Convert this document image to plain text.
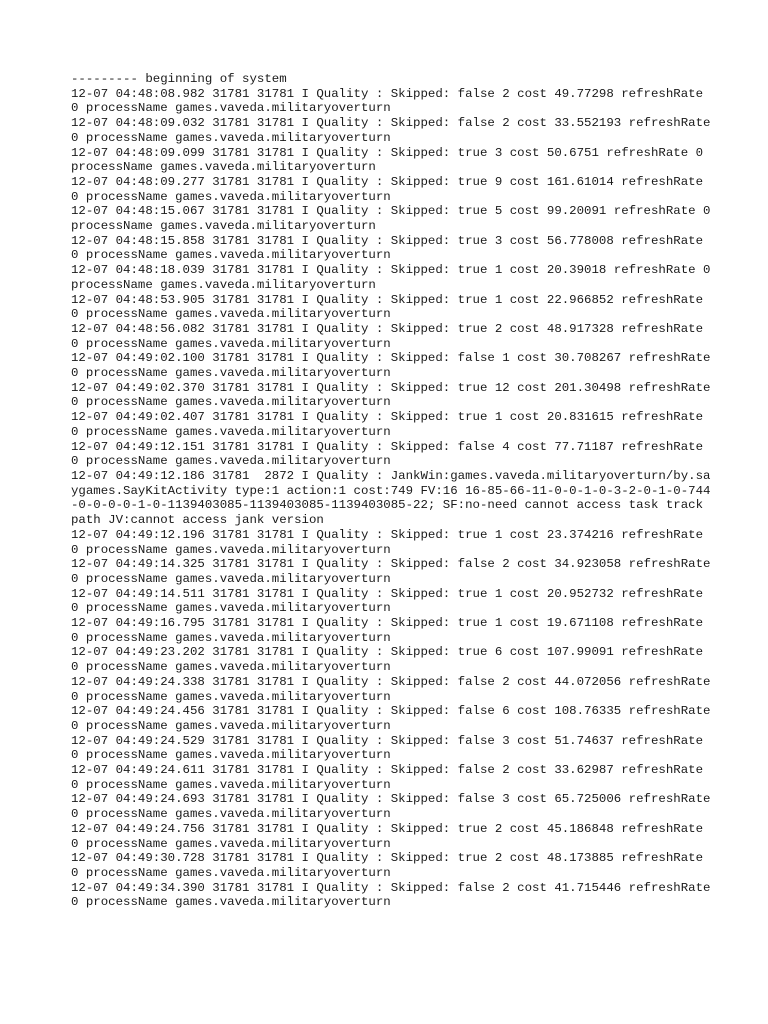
--------- beginning of system
12-07 04:48:08.982 31781 31781 I Quality : Skipped: false 2 cost 49.77298 refreshRate 0 processName games.vaveda.militaryoverturn
12-07 04:48:09.032 31781 31781 I Quality : Skipped: false 2 cost 33.552193 refreshRate 0 processName games.vaveda.militaryoverturn
12-07 04:48:09.099 31781 31781 I Quality : Skipped: true 3 cost 50.6751 refreshRate 0 processName games.vaveda.militaryoverturn
12-07 04:48:09.277 31781 31781 I Quality : Skipped: true 9 cost 161.61014 refreshRate 0 processName games.vaveda.militaryoverturn
12-07 04:48:15.067 31781 31781 I Quality : Skipped: true 5 cost 99.20091 refreshRate 0 processName games.vaveda.militaryoverturn
12-07 04:48:15.858 31781 31781 I Quality : Skipped: true 3 cost 56.778008 refreshRate 0 processName games.vaveda.militaryoverturn
12-07 04:48:18.039 31781 31781 I Quality : Skipped: true 1 cost 20.39018 refreshRate 0 processName games.vaveda.militaryoverturn
12-07 04:48:53.905 31781 31781 I Quality : Skipped: true 1 cost 22.966852 refreshRate 0 processName games.vaveda.militaryoverturn
12-07 04:48:56.082 31781 31781 I Quality : Skipped: true 2 cost 48.917328 refreshRate 0 processName games.vaveda.militaryoverturn
12-07 04:49:02.100 31781 31781 I Quality : Skipped: false 1 cost 30.708267 refreshRate 0 processName games.vaveda.militaryoverturn
12-07 04:49:02.370 31781 31781 I Quality : Skipped: true 12 cost 201.30498 refreshRate 0 processName games.vaveda.militaryoverturn
12-07 04:49:02.407 31781 31781 I Quality : Skipped: true 1 cost 20.831615 refreshRate 0 processName games.vaveda.militaryoverturn
12-07 04:49:12.151 31781 31781 I Quality : Skipped: false 4 cost 77.71187 refreshRate 0 processName games.vaveda.militaryoverturn
12-07 04:49:12.186 31781  2872 I Quality : JankWin:games.vaveda.militaryoverturn/by.saygames.SayKitActivity type:1 action:1 cost:749 FV:16 16-85-66-11-0-0-1-0-3-2-0-1-0-744-0-0-0-0-1-0-1139403085-1139403085-1139403085-22; SF:no-need cannot access task track path JV:cannot access jank version
12-07 04:49:12.196 31781 31781 I Quality : Skipped: true 1 cost 23.374216 refreshRate 0 processName games.vaveda.militaryoverturn
12-07 04:49:14.325 31781 31781 I Quality : Skipped: false 2 cost 34.923058 refreshRate 0 processName games.vaveda.militaryoverturn
12-07 04:49:14.511 31781 31781 I Quality : Skipped: true 1 cost 20.952732 refreshRate 0 processName games.vaveda.militaryoverturn
12-07 04:49:16.795 31781 31781 I Quality : Skipped: true 1 cost 19.671108 refreshRate 0 processName games.vaveda.militaryoverturn
12-07 04:49:23.202 31781 31781 I Quality : Skipped: true 6 cost 107.99091 refreshRate 0 processName games.vaveda.militaryoverturn
12-07 04:49:24.338 31781 31781 I Quality : Skipped: false 2 cost 44.072056 refreshRate 0 processName games.vaveda.militaryoverturn
12-07 04:49:24.456 31781 31781 I Quality : Skipped: false 6 cost 108.76335 refreshRate 0 processName games.vaveda.militaryoverturn
12-07 04:49:24.529 31781 31781 I Quality : Skipped: false 3 cost 51.74637 refreshRate 0 processName games.vaveda.militaryoverturn
12-07 04:49:24.611 31781 31781 I Quality : Skipped: false 2 cost 33.62987 refreshRate 0 processName games.vaveda.militaryoverturn
12-07 04:49:24.693 31781 31781 I Quality : Skipped: false 3 cost 65.725006 refreshRate 0 processName games.vaveda.militaryoverturn
12-07 04:49:24.756 31781 31781 I Quality : Skipped: true 2 cost 45.186848 refreshRate 0 processName games.vaveda.militaryoverturn
12-07 04:49:30.728 31781 31781 I Quality : Skipped: true 2 cost 48.173885 refreshRate 0 processName games.vaveda.militaryoverturn
12-07 04:49:34.390 31781 31781 I Quality : Skipped: false 2 cost 41.715446 refreshRate 0 processName games.vaveda.militaryoverturn
